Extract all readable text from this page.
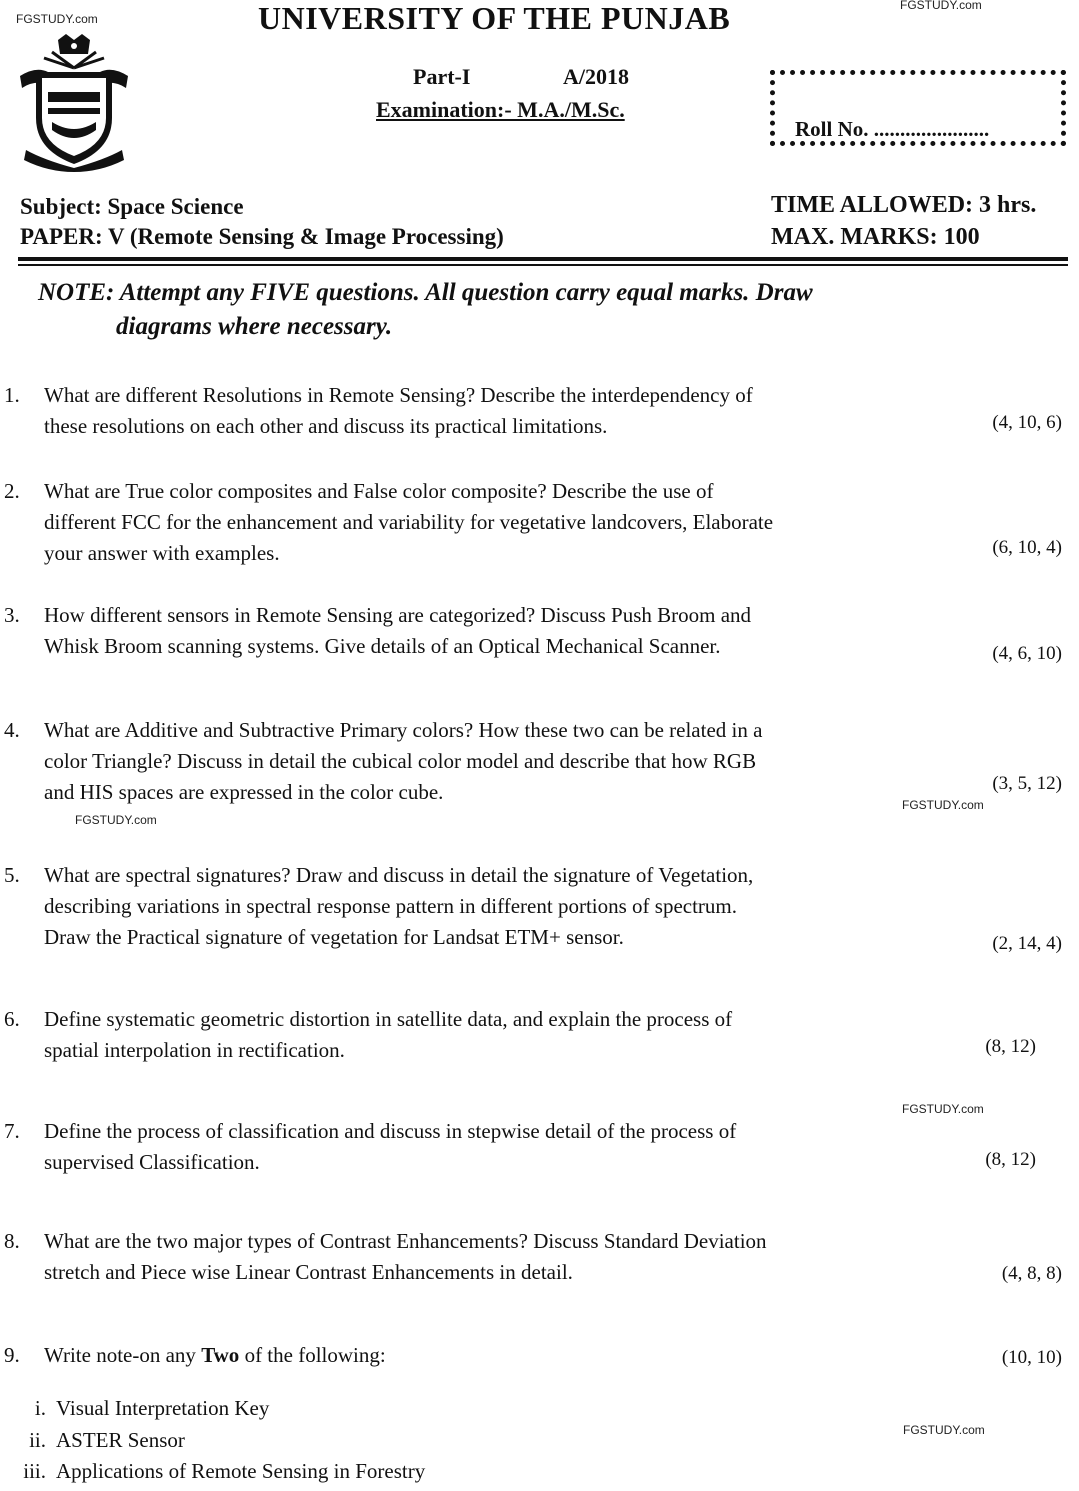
FGSTUDY.com
FGSTUDY.com
FGSTUDY.com
FGSTUDY.com
FGSTUDY.com
FGSTUDY.com
UNIVERSITY OF THE PUNJAB
Part-I	A/2018
Examination:- M.A./M.Sc.
Roll No. ......................
Subject: Space Science
PAPER: V (Remote Sensing & Image Processing)
TIME ALLOWED: 3 hrs.
MAX. MARKS: 100
NOTE: Attempt any FIVE questions. All question carry equal marks. Draw
diagrams where necessary.
1.	What are different Resolutions in Remote Sensing? Describe the interdependency of
these resolutions on each other and discuss its practical limitations.	(4, 10, 6)
2.	What are True color composites and False color composite? Describe the use of
different FCC for the enhancement and variability for vegetative landcovers, Elaborate
your answer with examples.	(6, 10, 4)
3.	How different sensors in Remote Sensing are categorized? Discuss Push Broom and
Whisk Broom scanning systems. Give details of an Optical Mechanical Scanner.	(4, 6, 10)
4.	What are Additive and Subtractive Primary colors? How these two can be related in a
color Triangle? Discuss in detail the cubical color model and describe that how RGB
and HIS spaces are expressed in the color cube.	(3, 5, 12)
5.	What are spectral signatures? Draw and discuss in detail the signature of Vegetation,
describing variations in spectral response pattern in different portions of spectrum.
Draw the Practical signature of vegetation for Landsat ETM+ sensor.	(2, 14, 4)
6.	Define systematic geometric distortion in satellite data, and explain the process of
spatial interpolation in rectification.	(8, 12)
7.	Define the process of classification and discuss in stepwise detail of the process of
supervised Classification.	(8, 12)
8.	What are the two major types of Contrast Enhancements? Discuss Standard Deviation
stretch and Piece wise Linear Contrast Enhancements in detail.	(4, 8, 8)
9.	Write note-on any Two of the following:	(10, 10)
i. Visual Interpretation Key
ii. ASTER Sensor
iii. Applications of Remote Sensing in Forestry
